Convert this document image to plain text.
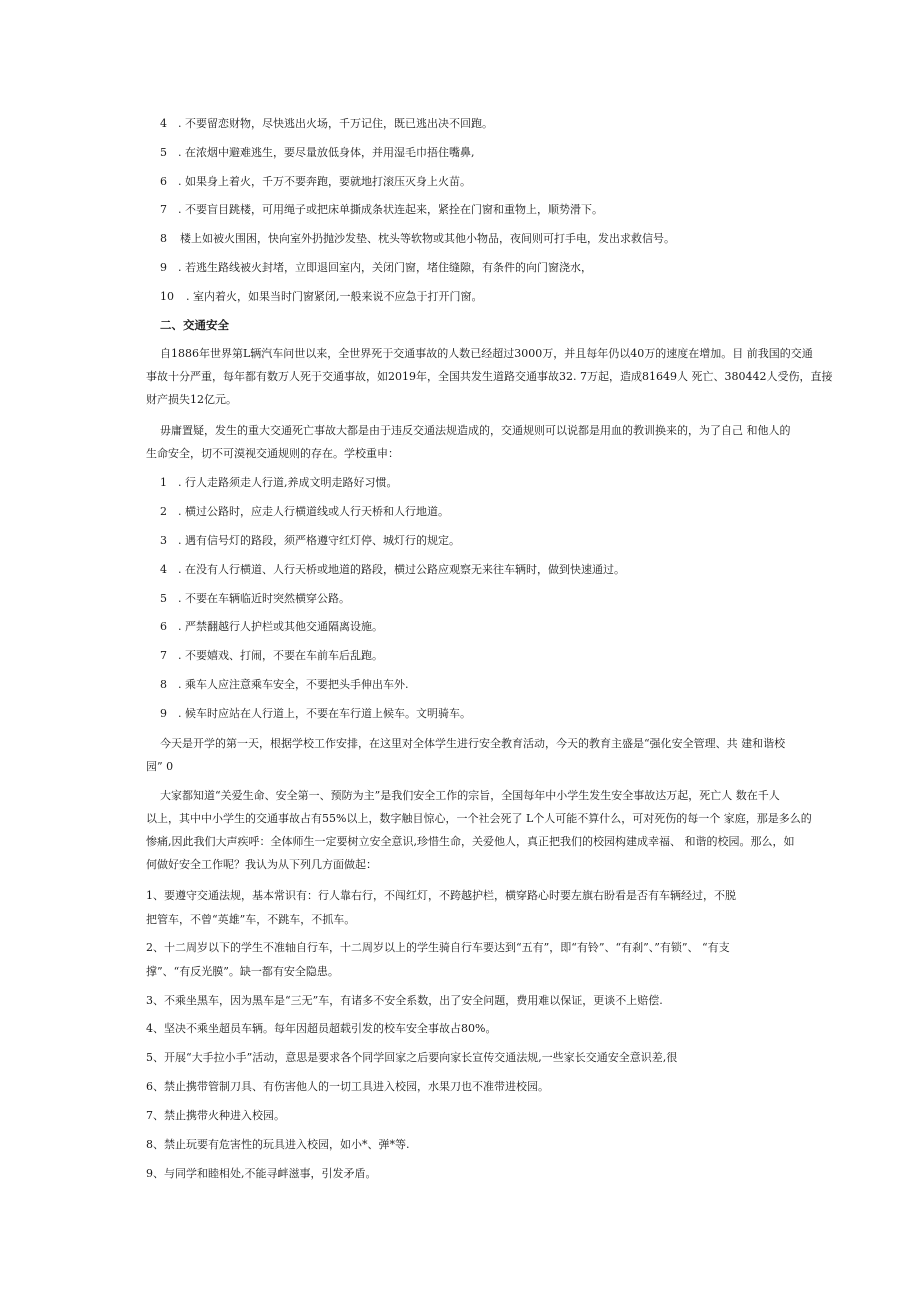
4 . 不要留恋财物，尽快逃出火场，千万记住，既已逃出决不回跑。
5 . 在浓烟中避难逃生，要尽量放低身体，并用湿毛巾捂住嘴鼻,
6 . 如果身上着火，千万不要奔跑，要就地打滚压灭身上火苗。
7 . 不要盲目跳楼，可用绳子或把床单撕成条状连起来，紧拴在门窗和重物上，顺势滑下。
8 楼上如被火围困，快向室外扔抛沙发垫、枕头等软物或其他小物品，夜间则可打手电，发出求救信号。
9 . 若逃生路线被火封堵，立即退回室内，关闭门窗，堵住缝隙，有条件的向门窗浇水，
10 . 室内着火，如果当时门窗紧闭,一般来说不应急于打开门窗。
二、交通安全
自1886年世界第L辆汽车问世以来，全世界死于交通事故的人数已经超过3000万，并且每年仍以40万的速度在增加。目 前我国的交通
事故十分严重，每年都有数万人死于交通事故，如2019年，全国共发生道路交通事故32. 7万起，造成81649人 死亡、380442人受伤，直接
财产损失12亿元。
毋庸置疑，发生的重大交通死亡事故大都是由于违反交通法规造成的，交通规则可以说都是用血的教训换来的，为了自己 和他人的
生命安全，切不可漠视交通规则的存在。学校重申：
1 . 行人走路须走人行道,养成文明走路好习惯。
2 . 横过公路时，应走人行横道线或人行天桥和人行地道。
3 . 遇有信号灯的路段，须严格遵守红灯停、城灯行的规定。
4 . 在没有人行横道、人行天桥或地道的路段，横过公路应观察无来往车辆时，做到快速通过。
5 . 不要在车辆临近时突然横穿公路。
6 . 严禁翻越行人护栏或其他交通隔离设施。
7 . 不要嬉戏、打闹，不要在车前车后乱跑。
8 . 乘车人应注意乘车安全，不要把头手伸出车外.
9 . 候车时应站在人行道上，不要在车行道上候车。文明骑车。
今天是开学的第一天，根据学校工作安排，在这里对全体学生进行安全教育活动，今天的教育主盛是“强化安全管理、共 建和谐校
园” 0
大家都知道“关爱生命、安全第一、预防为主”是我们安全工作的宗旨，全国每年中小学生发生安全事故达万起，死亡人 数在千人
以上，其中中小学生的交通事故占有55%以上，数字触目惊心，一个社会死了 L个人可能不算什么，可对死伤的每一个 家庭，那是多么的
惨痛,因此我们大声疾呼：全体师生一定要树立安全意识,珍惜生命，关爱他人，真正把我们的校园构建成幸福、 和谐的校园。那么，如
何做好安全工作呢？我认为从下列几方面做起：
1、要遵守交通法规，基本常识有：行人靠右行，不闯红灯，不跨越护栏，横穿路心时要左旗右盼看是否有车辆经过，不脱
把管车，不曾“英雄”车，不跳车，不抓车。
2、十二周岁以下的学生不准轴自行车，十二周岁以上的学生骑自行车要达到“五有”，即“有铃”、“有刹”、”有锁”、 “有支
撑”、“有反光膜”。缺一都有安全隐患。
3、不乘坐黑车，因为黑车是“三无”车，有诸多不安全系数，出了安全问题，费用难以保证，更谈不上赔偿.
4、坚决不乘坐超员车辆。每年因超员超载引发的校车安全事故占80%。
5、开展“大手拉小手”活动，意思是要求各个同学回家之后要向家长宣传交通法规,一些家长交通安全意识差,很
6、禁止携带管制刀具、有伤害他人的一切工具进入校园，水果刀也不准带进校园。
7、禁止携带火种进入校园。
8、禁止玩要有危害性的玩具进入校园，如小*、弹*等.
9、与同学和睦相处,不能寻衅滋事，引发矛盾。
